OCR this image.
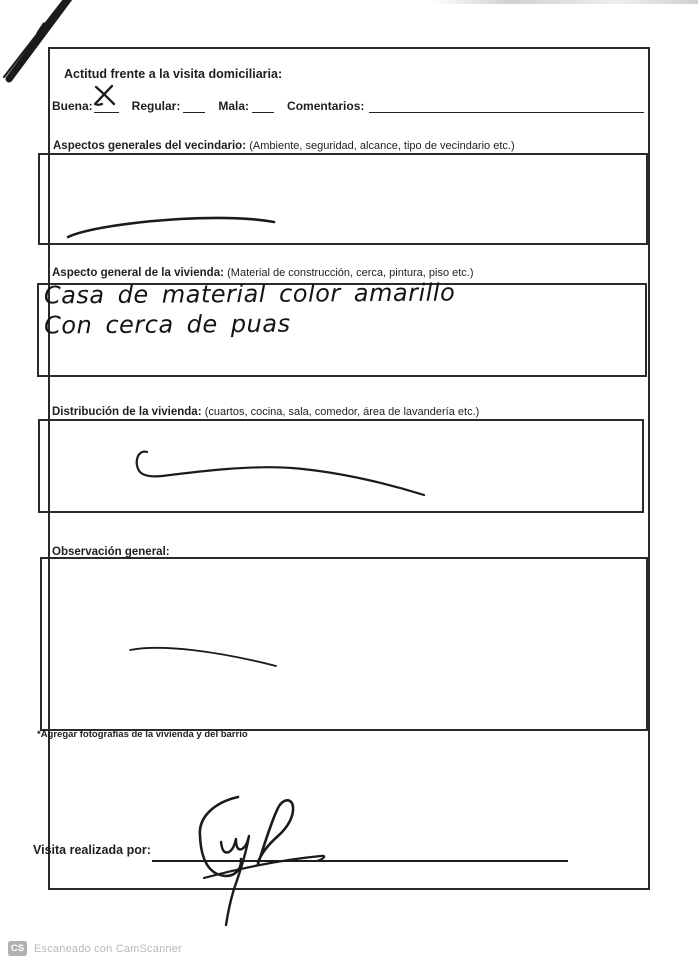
Actitud frente a la visita domiciliaria:
Buena:	Regular:	Mala:	Comentarios:
Aspectos generales del vecindario: (Ambiente, seguridad, alcance, tipo de vecindario etc.)
Aspecto general de la vivienda: (Material de construcción, cerca, pintura, piso etc.)
Casa de material color amarillo
Con cerca de puas
Distribución de la vivienda: (cuartos, cocina, sala, comedor, área de lavandería etc.)
Observación general:
*Agregar fotografías de la vivienda y del barrio
Visita realizada por:
CS Escaneado con CamScanner
